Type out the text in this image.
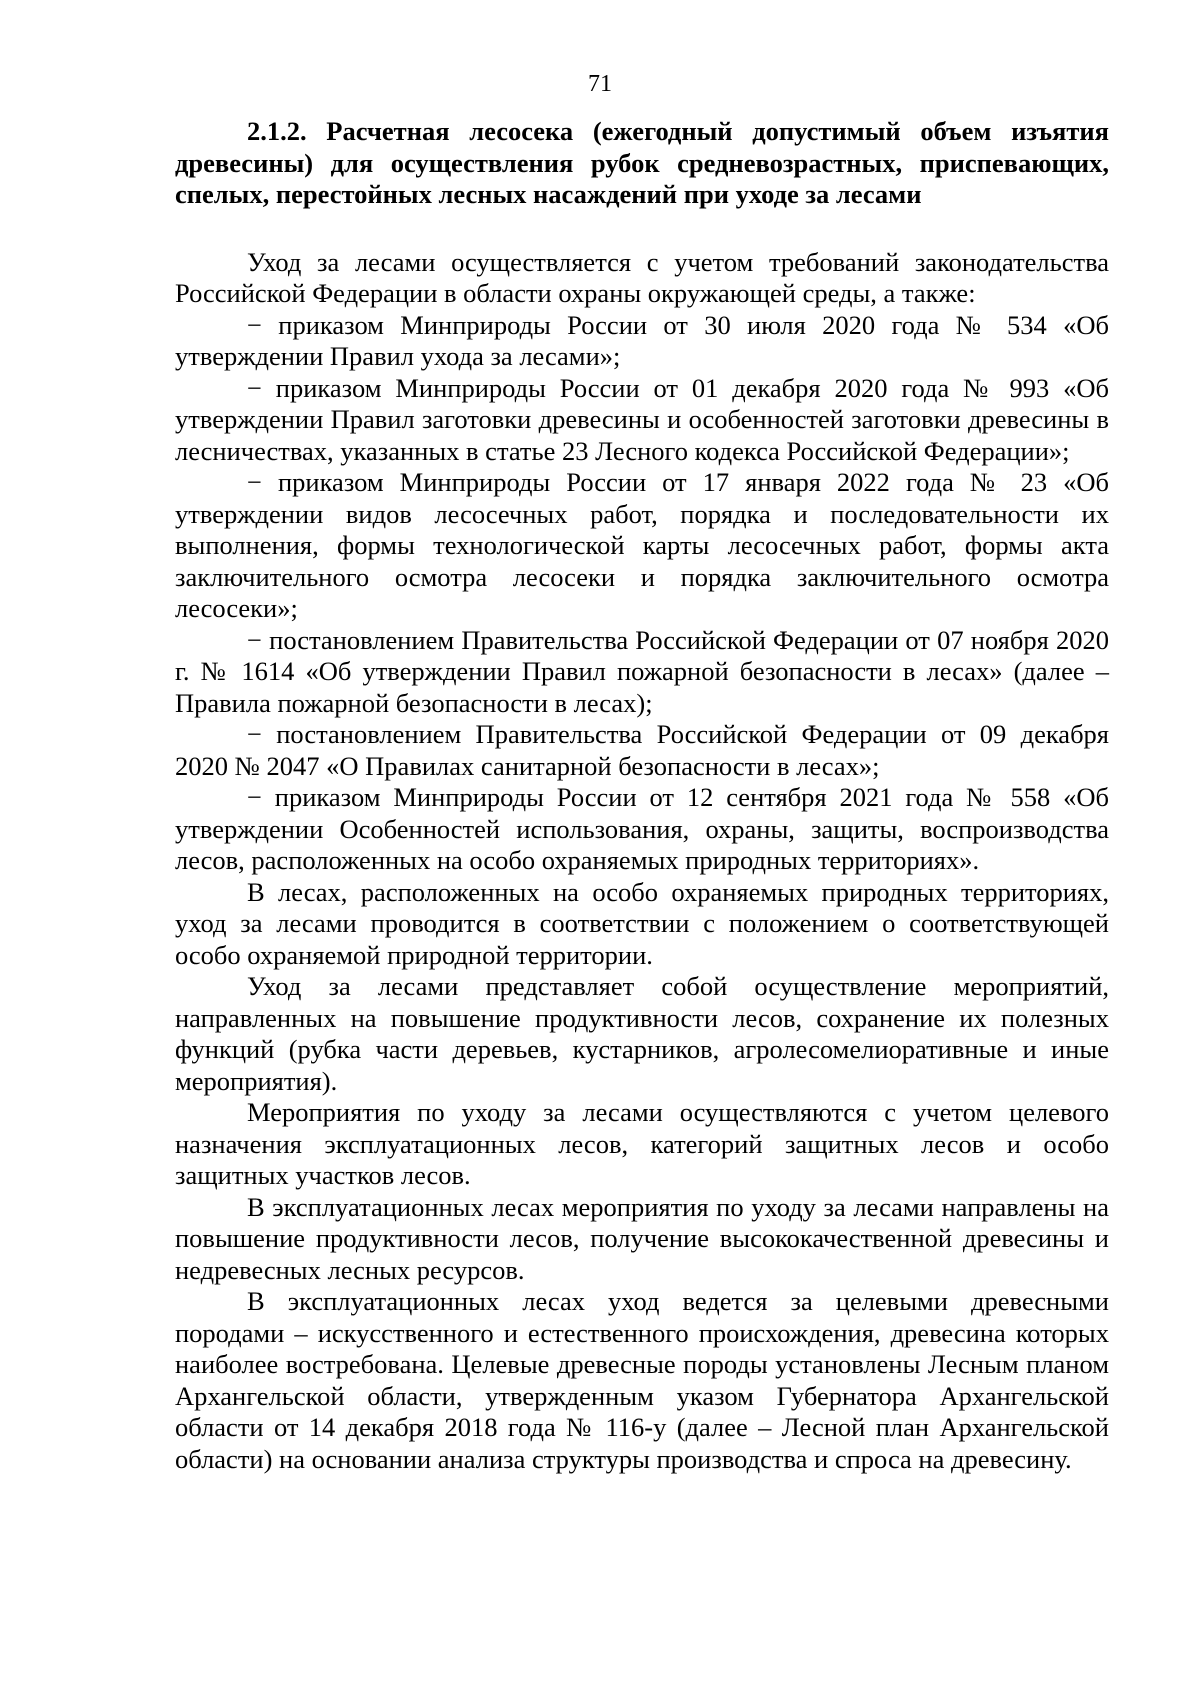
71

2.1.2. Расчетная лесосека (ежегодный допустимый объем изъятия древесины) для осуществления рубок средневозрастных, приспевающих, спелых, перестойных лесных насаждений при уходе за лесами

Уход за лесами осуществляется с учетом требований законодательства Российской Федерации в области охраны окружающей среды, а также:

− приказом Минприроды России от 30 июля 2020 года № 534 «Об утверждении Правил ухода за лесами»;

− приказом Минприроды России от 01 декабря 2020 года № 993 «Об утверждении Правил заготовки древесины и особенностей заготовки древесины в лесничествах, указанных в статье 23 Лесного кодекса Российской Федерации»;

− приказом Минприроды России от 17 января 2022 года № 23 «Об утверждении видов лесосечных работ, порядка и последовательности их выполнения, формы технологической карты лесосечных работ, формы акта заключительного осмотра лесосеки и порядка заключительного осмотра лесосеки»;

− постановлением Правительства Российской Федерации от 07 ноября 2020 г. № 1614 «Об утверждении Правил пожарной безопасности в лесах» (далее – Правила пожарной безопасности в лесах);

− постановлением Правительства Российской Федерации от 09 декабря 2020 № 2047 «О Правилах санитарной безопасности в лесах»;

− приказом Минприроды России от 12 сентября 2021 года № 558 «Об утверждении Особенностей использования, охраны, защиты, воспроизводства лесов, расположенных на особо охраняемых природных территориях».

В лесах, расположенных на особо охраняемых природных территориях, уход за лесами проводится в соответствии с положением о соответствующей особо охраняемой природной территории.

Уход за лесами представляет собой осуществление мероприятий, направленных на повышение продуктивности лесов, сохранение их полезных функций (рубка части деревьев, кустарников, агролесомелиоративные и иные мероприятия).

Мероприятия по уходу за лесами осуществляются с учетом целевого назначения эксплуатационных лесов, категорий защитных лесов и особо защитных участков лесов.

В эксплуатационных лесах мероприятия по уходу за лесами направлены на повышение продуктивности лесов, получение высококачественной древесины и недревесных лесных ресурсов.

В эксплуатационных лесах уход ведется за целевыми древесными породами – искусственного и естественного происхождения, древесина которых наиболее востребована. Целевые древесные породы установлены Лесным планом Архангельской области, утвержденным указом Губернатора Архангельской области от 14 декабря 2018 года № 116-у (далее – Лесной план Архангельской области) на основании анализа структуры производства и спроса на древесину.
